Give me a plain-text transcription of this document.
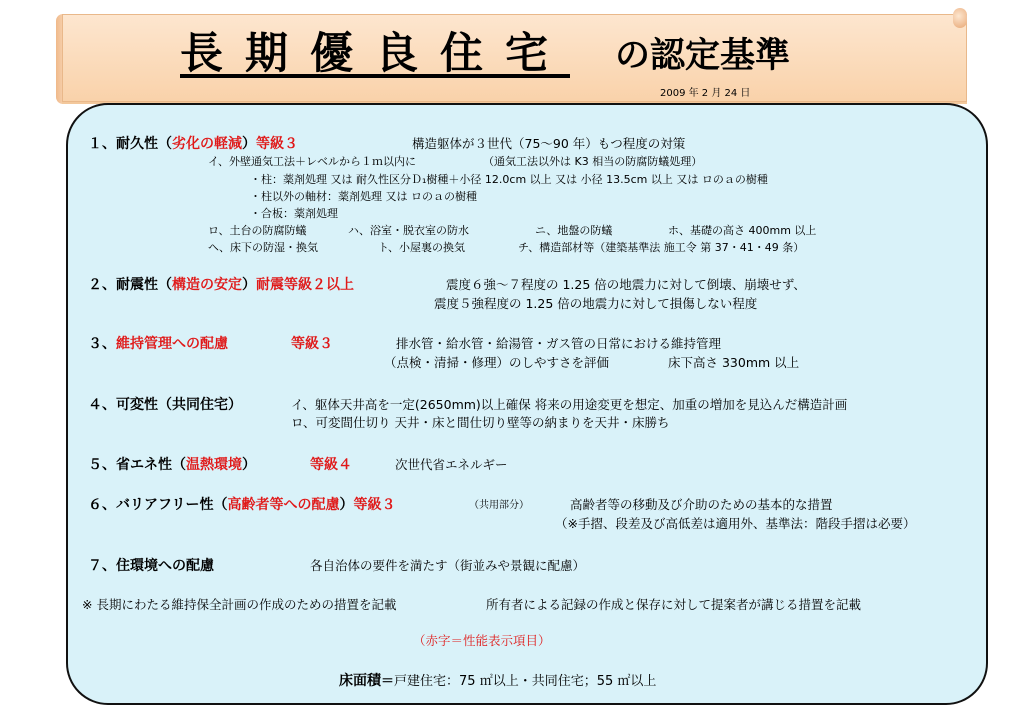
長期優良住宅 の認定基準
2009 年 2 月 24 日
１、耐久性（劣化の軽減）等級３	構造躯体が３世代（75～90 年）もつ程度の対策
イ、外壁通気工法＋レベルから１ｍ以内に	（通気工法以外は K3 相当の防腐防蟻処理）
・柱：薬剤処理 又は 耐久性区分Ｄ₁樹種＋小径 12.0cm 以上 又は 小径 13.5cm 以上 又は ロのａの樹種
・柱以外の軸材：薬剤処理 又は ロのａの樹種
・合板：薬剤処理
ロ、土台の防腐防蟻	ハ、浴室・脱衣室の防水	ニ、地盤の防蟻	ホ、基礎の高さ 400mm 以上
ヘ、床下の防湿・換気	ト、小屋裏の換気	チ、構造部材等（建築基準法 施工令 第 37・41・49 条）
２、耐震性（構造の安定）耐震等級２以上	震度６強～７程度の 1.25 倍の地震力に対して倒壊、崩壊せず、
震度５強程度の 1.25 倍の地震力に対して損傷しない程度
３、維持管理への配慮	等級３	排水管・給水管・給湯管・ガス管の日常における維持管理
（点検・清掃・修理）のしやすさを評価	床下高さ 330mm 以上
４、可変性（共同住宅）	イ、躯体天井高を一定(2650mm)以上確保 将来の用途変更を想定、加重の増加を見込んだ構造計画
ロ、可変間仕切り 天井・床と間仕切り壁等の納まりを天井・床勝ち
５、省エネ性（温熱環境）	等級４	次世代省エネルギー
６、バリアフリー性（高齢者等への配慮）等級３	（共用部分）	高齢者等の移動及び介助のための基本的な措置
（※手摺、段差及び高低差は適用外、基準法：階段手摺は必要）
７、住環境への配慮	各自治体の要件を満たす（街並みや景観に配慮）
※ 長期にわたる維持保全計画の作成のための措置を記載	所有者による記録の作成と保存に対して提案者が講じる措置を記載
（赤字＝性能表示項目）
床面積＝戸建住宅：75 ㎡以上・共同住宅；55 ㎡以上
